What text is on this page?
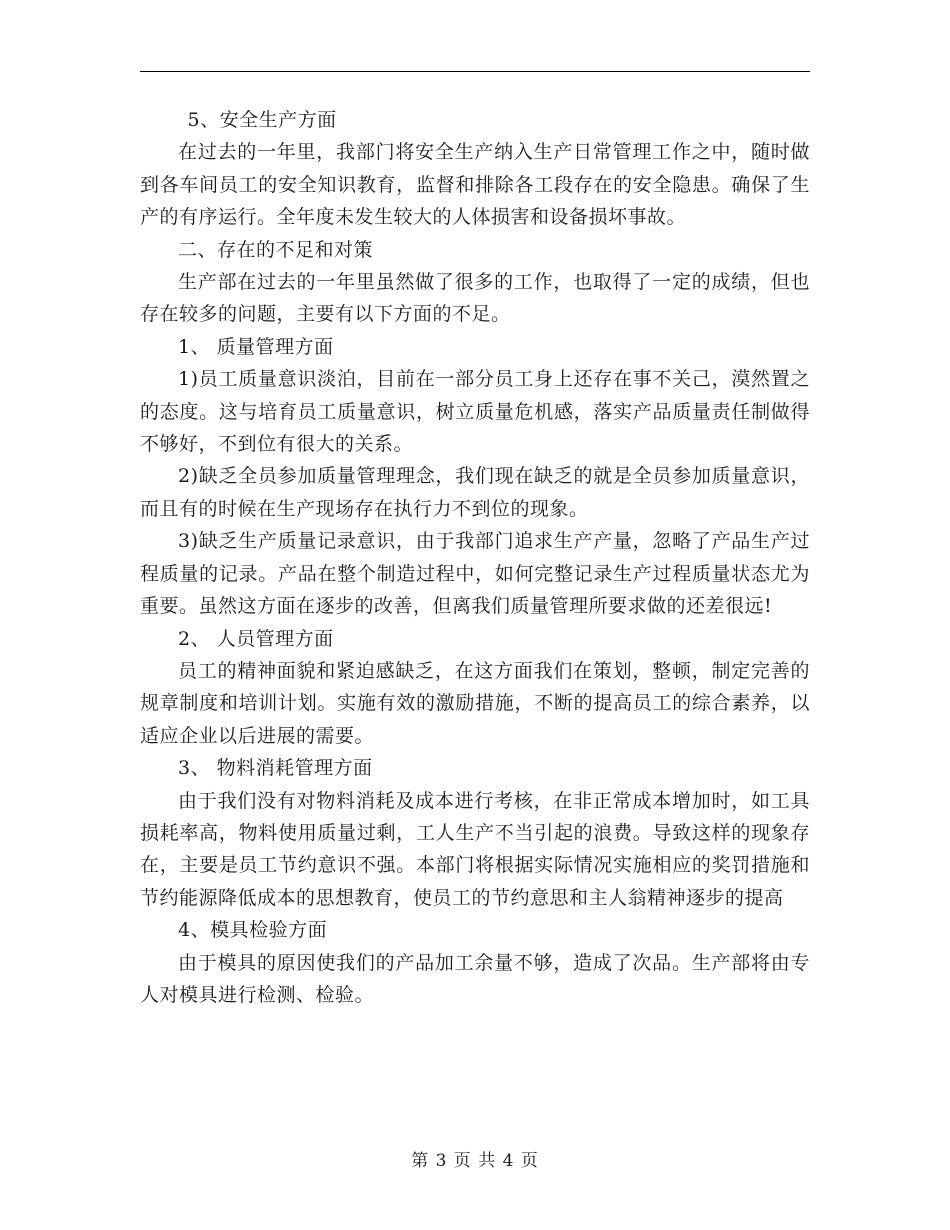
5、安全生产方面

在过去的一年里，我部门将安全生产纳入生产日常管理工作之中，随时做到各车间员工的安全知识教育，监督和排除各工段存在的安全隐患。确保了生产的有序运行。全年度未发生较大的人体损害和设备损坏事故。

二、存在的不足和对策

生产部在过去的一年里虽然做了很多的工作，也取得了一定的成绩，但也存在较多的问题，主要有以下方面的不足。

1、 质量管理方面

1)员工质量意识淡泊，目前在一部分员工身上还存在事不关己，漠然置之的态度。这与培育员工质量意识，树立质量危机感，落实产品质量责任制做得不够好，不到位有很大的关系。

2)缺乏全员参加质量管理理念，我们现在缺乏的就是全员参加质量意识，而且有的时候在生产现场存在执行力不到位的现象。

3)缺乏生产质量记录意识，由于我部门追求生产产量，忽略了产品生产过程质量的记录。产品在整个制造过程中，如何完整记录生产过程质量状态尤为重要。虽然这方面在逐步的改善，但离我们质量管理所要求做的还差很远!

2、 人员管理方面

员工的精神面貌和紧迫感缺乏，在这方面我们在策划，整顿，制定完善的规章制度和培训计划。实施有效的激励措施，不断的提高员工的综合素养，以适应企业以后进展的需要。

3、 物料消耗管理方面

由于我们没有对物料消耗及成本进行考核，在非正常成本增加时，如工具损耗率高，物料使用质量过剩，工人生产不当引起的浪费。导致这样的现象存在，主要是员工节约意识不强。本部门将根据实际情况实施相应的奖罚措施和节约能源降低成本的思想教育，使员工的节约意思和主人翁精神逐步的提高

4、模具检验方面

由于模具的原因使我们的产品加工余量不够，造成了次品。生产部将由专人对模具进行检测、检验。

第 3 页 共 4 页
